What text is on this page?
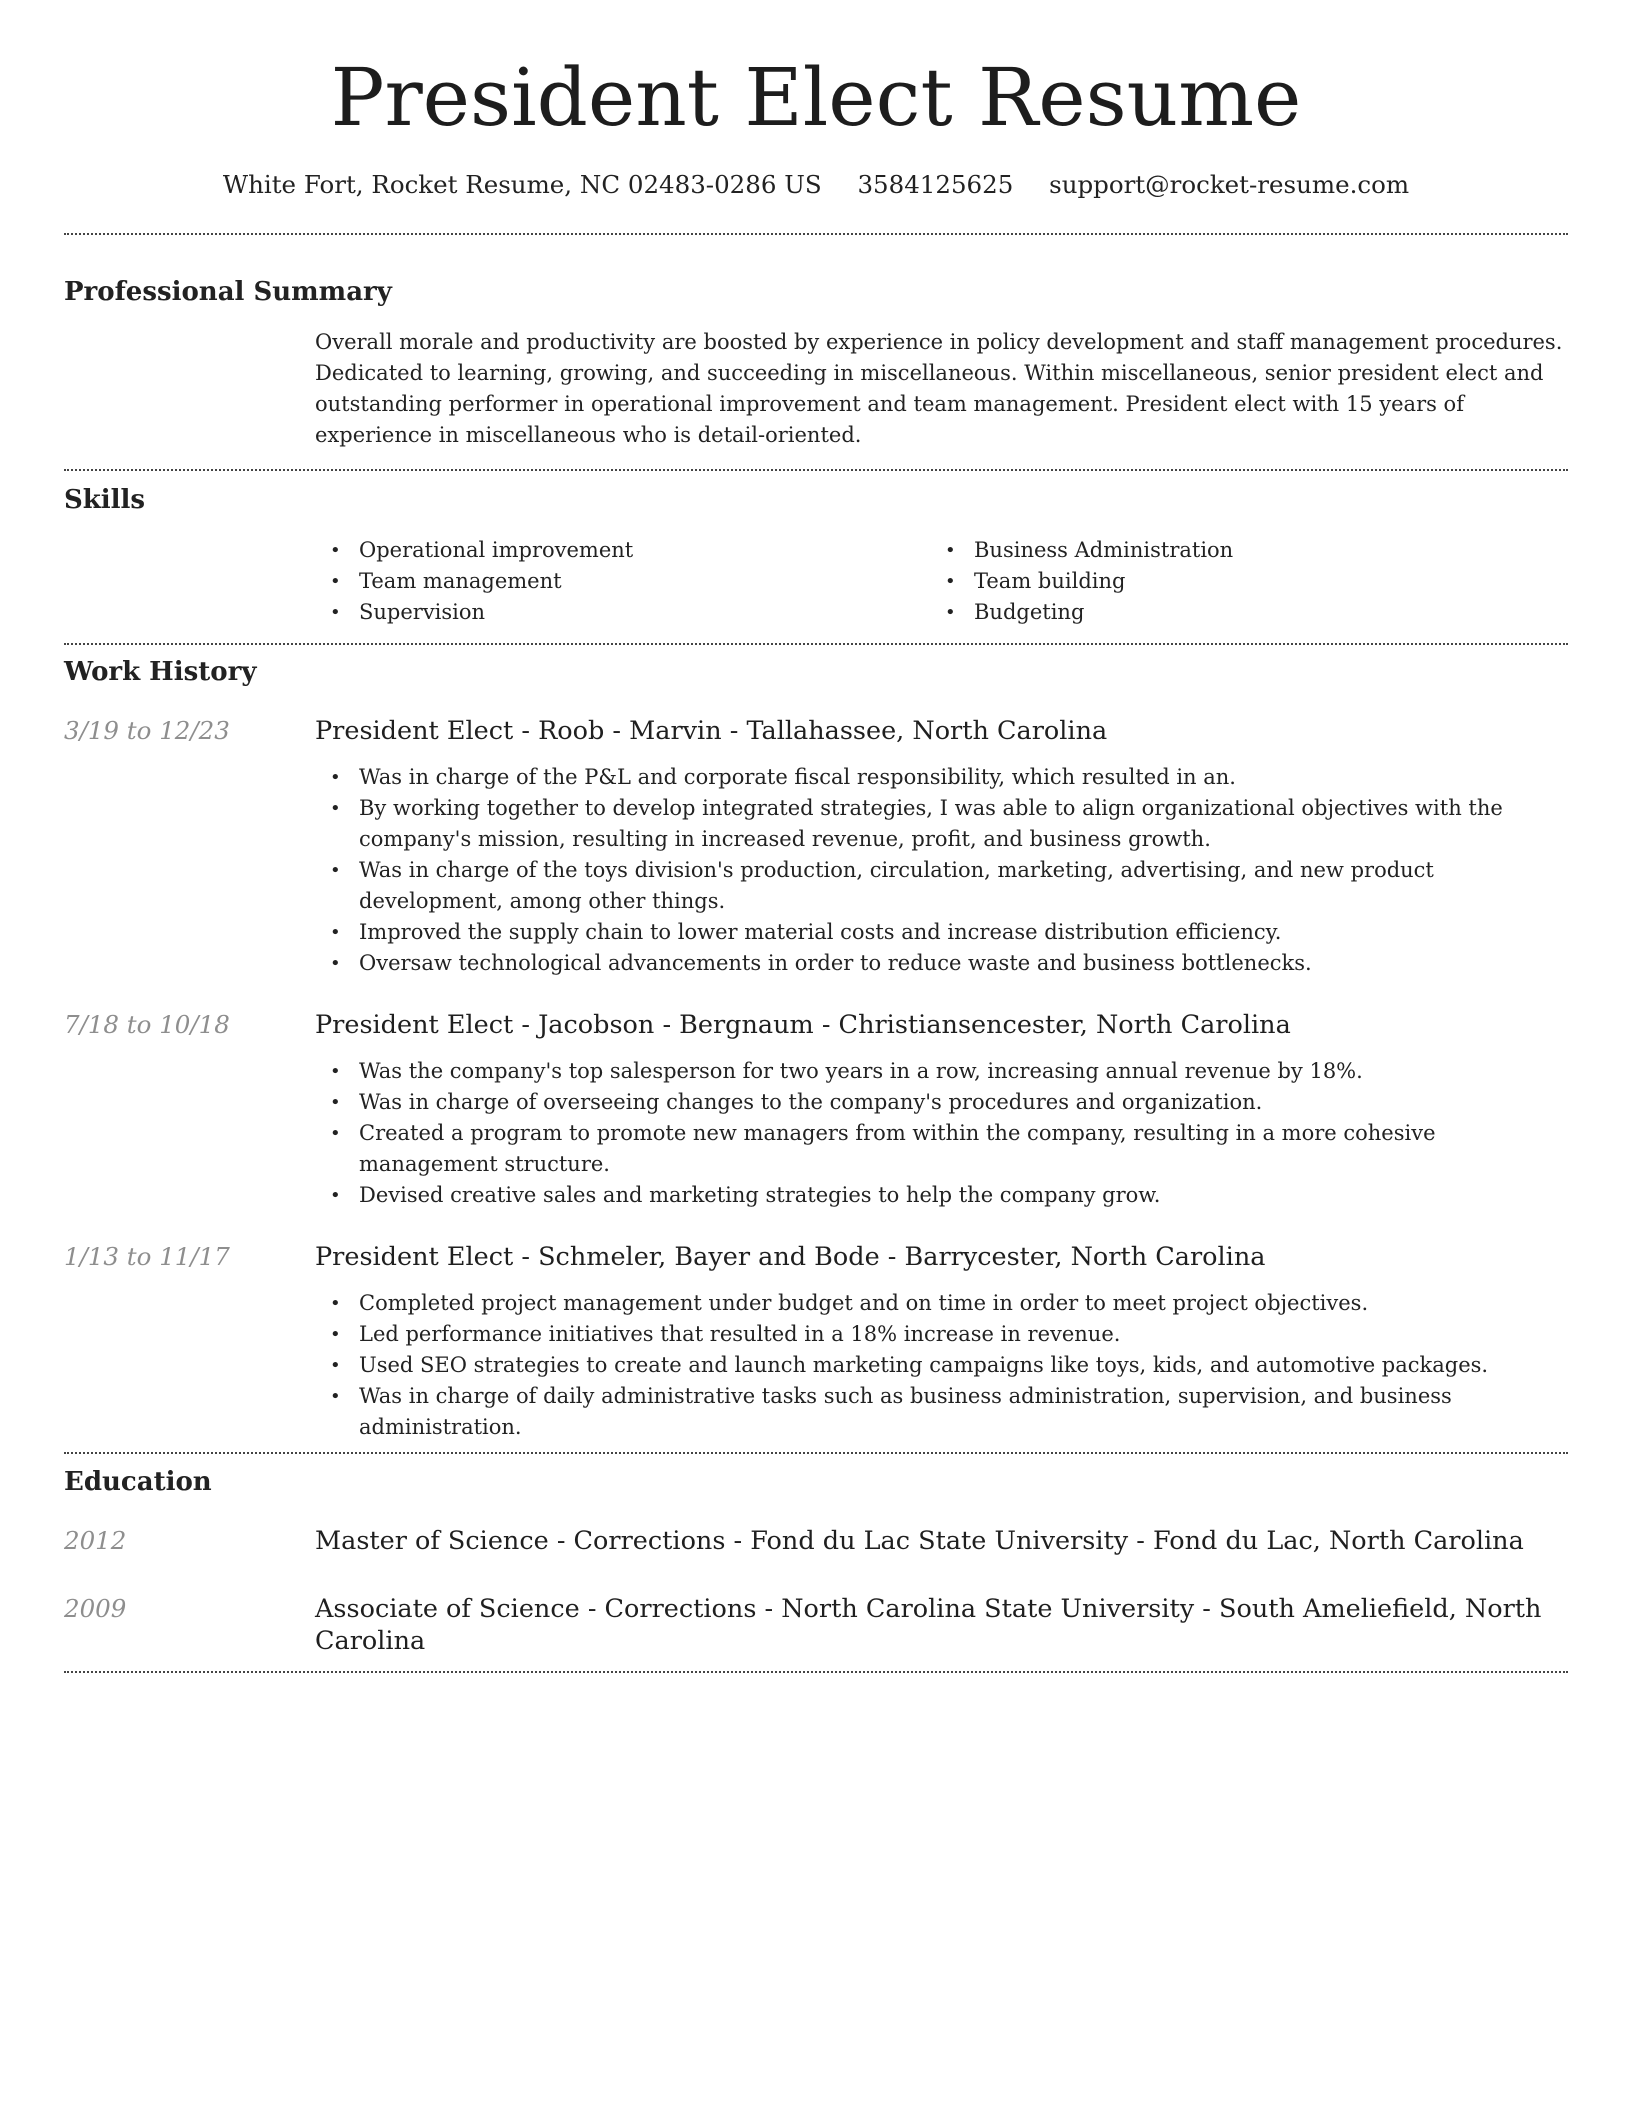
President Elect Resume
White Fort, Rocket Resume, NC 02483-0286 US 3584125625 support@rocket-resume.com
Professional Summary

Overall morale and productivity are boosted by experience in policy development and staff management procedures. Dedicated to learning, growing, and succeeding in miscellaneous. Within miscellaneous, senior president elect and outstanding performer in operational improvement and team management. President elect with 15 years of experience in miscellaneous who is detail-oriented.

Skills
• Operational improvement
• Team management
• Supervision
• Business Administration
• Team building
• Budgeting
Work History
3/19 to 12/23	President Elect - Roob - Marvin - Tallahassee, North Carolina
• Was in charge of the P&L and corporate fiscal responsibility, which resulted in an.
• By working together to develop integrated strategies, I was able to align organizational objectives with the company's mission, resulting in increased revenue, profit, and business growth.
• Was in charge of the toys division's production, circulation, marketing, advertising, and new product development, among other things.
• Improved the supply chain to lower material costs and increase distribution efficiency.
• Oversaw technological advancements in order to reduce waste and business bottlenecks.
7/18 to 10/18	President Elect - Jacobson - Bergnaum - Christiansencester, North Carolina
• Was the company's top salesperson for two years in a row, increasing annual revenue by 18%.
• Was in charge of overseeing changes to the company's procedures and organization.
• Created a program to promote new managers from within the company, resulting in a more cohesive management structure.
• Devised creative sales and marketing strategies to help the company grow.
1/13 to 11/17	President Elect - Schmeler, Bayer and Bode - Barrycester, North Carolina
• Completed project management under budget and on time in order to meet project objectives.
• Led performance initiatives that resulted in a 18% increase in revenue.
• Used SEO strategies to create and launch marketing campaigns like toys, kids, and automotive packages.
• Was in charge of daily administrative tasks such as business administration, supervision, and business administration.
Education
2012	Master of Science - Corrections - Fond du Lac State University - Fond du Lac, North Carolina
2009	Associate of Science - Corrections - North Carolina State University - South Ameliefield, North Carolina
